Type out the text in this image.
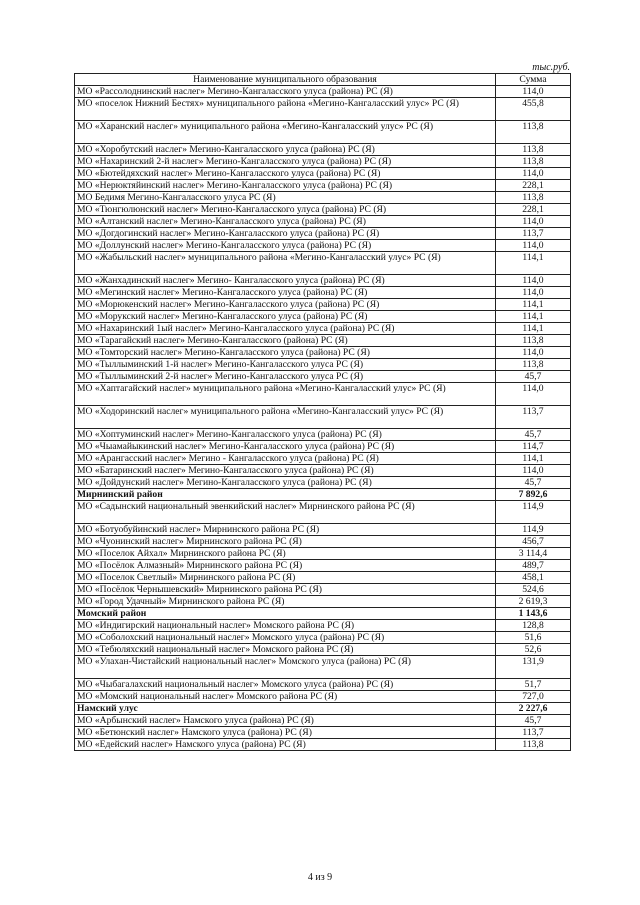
тыс.руб.
Наименование муниципального образования	Сумма
МО «Рассолоднинский наслег» Мегино-Кангаласского улуса (района) РС (Я)	114,0
МО «поселок Нижний Бестях» муниципального района «Мегино-Кангаласский улус» РС (Я)	455,8
МО «Харанский наслег» муниципального района «Мегино-Кангаласский улус» РС (Я)	113,8
МО «Хоробутский наслег» Мегино-Кангаласского улуса (района) РС (Я)	113,8
МО «Нахаринский 2-й наслег» Мегино-Кангаласского улуса (района) РС (Я)	113,8
МО «Бютейдяхский наслег» Мегино-Кангаласского улуса (района) РС (Я)	114,0
МО «Нерюктяйинский наслег» Мегино-Кангаласского улуса (района) РС (Я)	228,1
МО Бедимя Мегино-Кангаласского улуса РС (Я)	113,8
МО «Тюнгюлюнский наслег» Мегино-Кангаласского улуса (района) РС (Я)	228,1
МО «Алтанский наслег» Мегино-Кангаласского улуса (района) РС (Я)	114,0
МО «Догдогинский наслег» Мегино-Кангаласского улуса (района) РС (Я)	113,7
МО «Доллунский наслег» Мегино-Кангаласского улуса (района) РС (Я)	114,0
МО «Жабыльский наслег» муниципального района «Мегино-Кангаласский улус» РС (Я)	114,1
МО «Жанхадинский наслег» Мегино- Кангаласского улуса (района) РС (Я)	114,0
МО «Мегинский наслег» Мегино-Кангаласского улуса (района) РС (Я)	114,0
МО «Морюкенский наслег» Мегино-Кангаласского улуса (района) РС (Я)	114,1
МО «Морукский наслег» Мегино-Кангаласского улуса (района) РС (Я)	114,1
МО «Нахаринский 1ый наслег» Мегино-Кангаласского улуса (района) РС (Я)	114,1
МО «Тарагайский наслег» Мегино-Кангаласского (района) РС (Я)	113,8
МО «Томторский наслег» Мегино-Кангаласского улуса (района) РС (Я)	114,0
МО «Тыллыминский 1-й наслег» Мегино-Кангаласского улуса РС (Я)	113,8
МО «Тыллыминский 2-й наслег» Мегино-Кангаласского улуса РС (Я)	45,7
МО «Хаптагайский наслег» муниципального района «Мегино-Кангаласский улус» РС (Я)	114,0
МО «Ходоринский наслег» муниципального района «Мегино-Кангаласский улус» РС (Я)	113,7
МО «Хоптуминский наслег» Мегино-Кангаласского улуса (района) РС (Я)	45,7
МО «Чыамайыкинский наслег» Мегино-Кангаласского улуса (района) РС (Я)	114,7
МО «Арангасский наслег» Мегино - Кангаласского улуса (района) РС (Я)	114,1
МО «Батаринский наслег» Мегино-Кангаласского улуса (района) РС (Я)	114,0
МО «Дойдунский наслег» Мегино-Кангаласского улуса (района) РС (Я)	45,7
Мирнинский район	7 892,6
МО «Садынский национальный эвенкийский наслег» Мирнинского района РС (Я)	114,9
МО «Ботуобуйинский наслег» Мирнинского района РС (Я)	114,9
МО «Чуонинский наслег» Мирнинского района РС (Я)	456,7
МО «Поселок Айхал» Мирнинского района РС (Я)	3 114,4
МО «Посёлок Алмазный» Мирнинского района РС (Я)	489,7
МО «Поселок Светлый» Мирнинского района РС (Я)	458,1
МО «Посёлок Чернышевский» Мирнинского района РС (Я)	524,6
МО «Город Удачный» Мирнинского района РС (Я)	2 619,3
Момский район	1 143,6
МО «Индигирский национальный наслег» Момского района РС (Я)	128,8
МО «Соболохский национальный наслег» Момского улуса (района) РС (Я)	51,6
МО «Тебюляхский национальный наслег» Момского района РС (Я)	52,6
МО «Улахан-Чистайский национальный наслег» Момского улуса (района) РС (Я)	131,9
МО «Чыбагалахский национальный наслег» Момского улуса (района) РС (Я)	51,7
МО «Момский национальный наслег» Момского района РС (Я)	727,0
Намский улус	2 227,6
МО «Арбынский наслег» Намского улуса (района) РС (Я)	45,7
МО «Бетюнский наслег» Намского улуса (района) РС (Я)	113,7
МО «Едейский наслег» Намского улуса (района) РС (Я)	113,8
4 из 9
